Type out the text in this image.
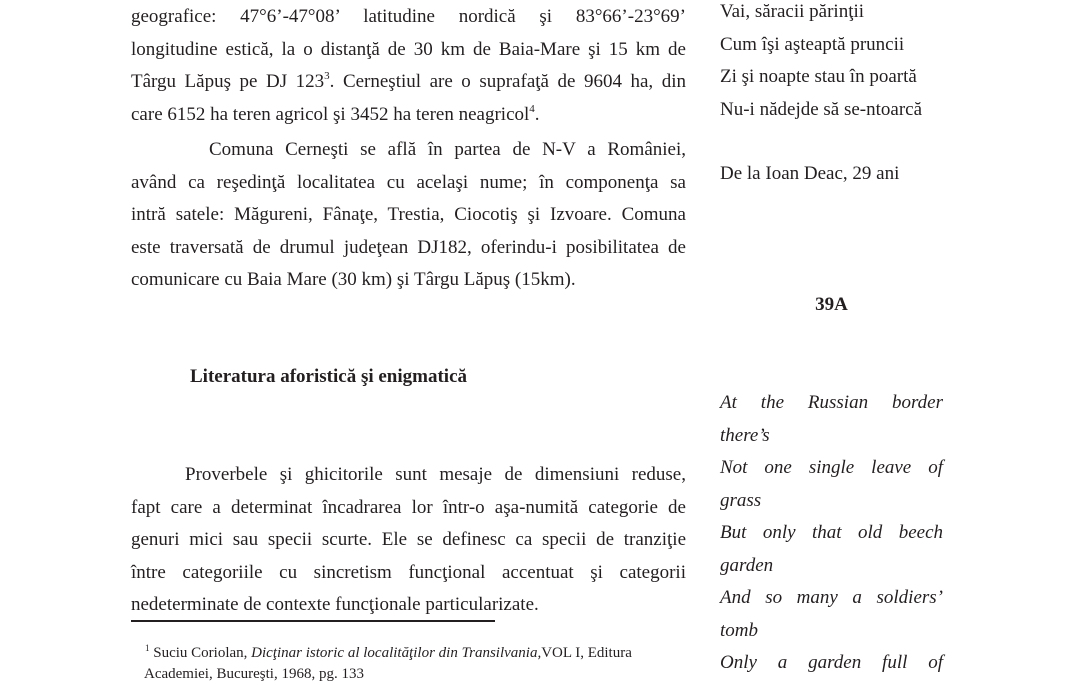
geografice: 47°6’-47°08’ latitudine nordică şi 83°66’-23°69’
longitudine estică, la o distanţă de 30 km de Baia-Mare şi 15 km de
Târgu Lăpuş pe DJ $123^3$. Cerneştiul are o suprafaţă de 9604 ha, din
care 6152 ha teren agricol şi 3452 ha teren neagricol$^4$.
Comuna Cerneşti se află în partea de N-V a României,
având ca reşedinţă localitatea cu acelaşi nume; în componenţa sa
intră satele: Măgureni, Fânaţe, Trestia, Ciocotiş şi Izvoare. Comuna
este traversată de drumul judeţean DJ182, oferindu-i posibilitatea de
comunicare cu Baia Mare (30 km) şi Târgu Lăpuş (15km).
Literatura aforistică şi enigmatică
Proverbele şi ghicitorile sunt mesaje de dimensiuni reduse,
fapt care a determinat încadrarea lor într-o aşa-numită categorie de
genuri mici sau specii scurte. Ele se definesc ca specii de tranziţie
între categoriile cu sincretism funcţional accentuat şi categorii
nedeterminate de contexte funcţionale particularizate.
$^1$ Suciu Coriolan, Dicţinar istoric al localităţilor din Transilvania,VOL I, Editura
Academiei, Bucureşti, 1968, pg. 133
Vai, săracii părinţii
Cum îşi aşteaptă pruncii
Zi şi noapte stau în poartă
Nu-i nădejde să se-ntoarcă
De la Ioan Deac, 29 ani
39A
At the Russian border
there’s
Not one single leave of
grass
But only that old beech
garden
And so many a soldiers’
tomb
Only a garden full of
